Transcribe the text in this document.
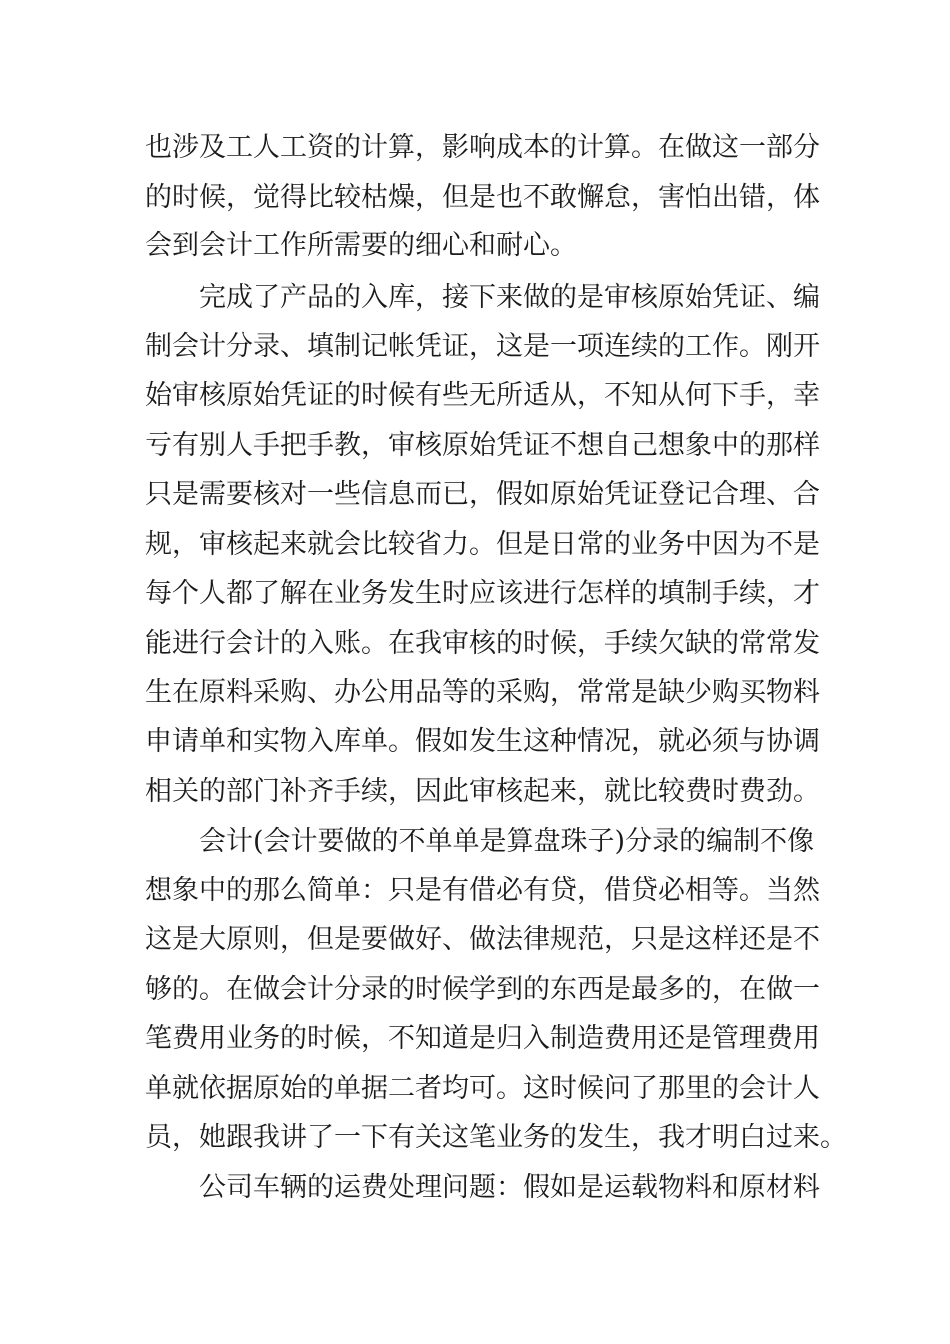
也涉及工人工资的计算，影响成本的计算。在做这一部分
的时候，觉得比较枯燥，但是也不敢懈怠，害怕出错，体
会到会计工作所需要的细心和耐心。
完成了产品的入库，接下来做的是审核原始凭证、编
制会计分录、填制记帐凭证，这是一项连续的工作。刚开
始审核原始凭证的时候有些无所适从，不知从何下手，幸
亏有别人手把手教，审核原始凭证不想自己想象中的那样
只是需要核对一些信息而已，假如原始凭证登记合理、合
规，审核起来就会比较省力。但是日常的业务中因为不是
每个人都了解在业务发生时应该进行怎样的填制手续，才
能进行会计的入账。在我审核的时候，手续欠缺的常常发
生在原料采购、办公用品等的采购，常常是缺少购买物料
申请单和实物入库单。假如发生这种情况，就必须与协调
相关的部门补齐手续，因此审核起来，就比较费时费劲。
会计(会计要做的不单单是算盘珠子)分录的编制不像
想象中的那么简单：只是有借必有贷，借贷必相等。当然
这是大原则，但是要做好、做法律规范，只是这样还是不
够的。在做会计分录的时候学到的东西是最多的，在做一
笔费用业务的时候，不知道是归入制造费用还是管理费用
单就依据原始的单据二者均可。这时候问了那里的会计人
员，她跟我讲了一下有关这笔业务的发生，我才明白过来。
公司车辆的运费处理问题：假如是运载物料和原材料
